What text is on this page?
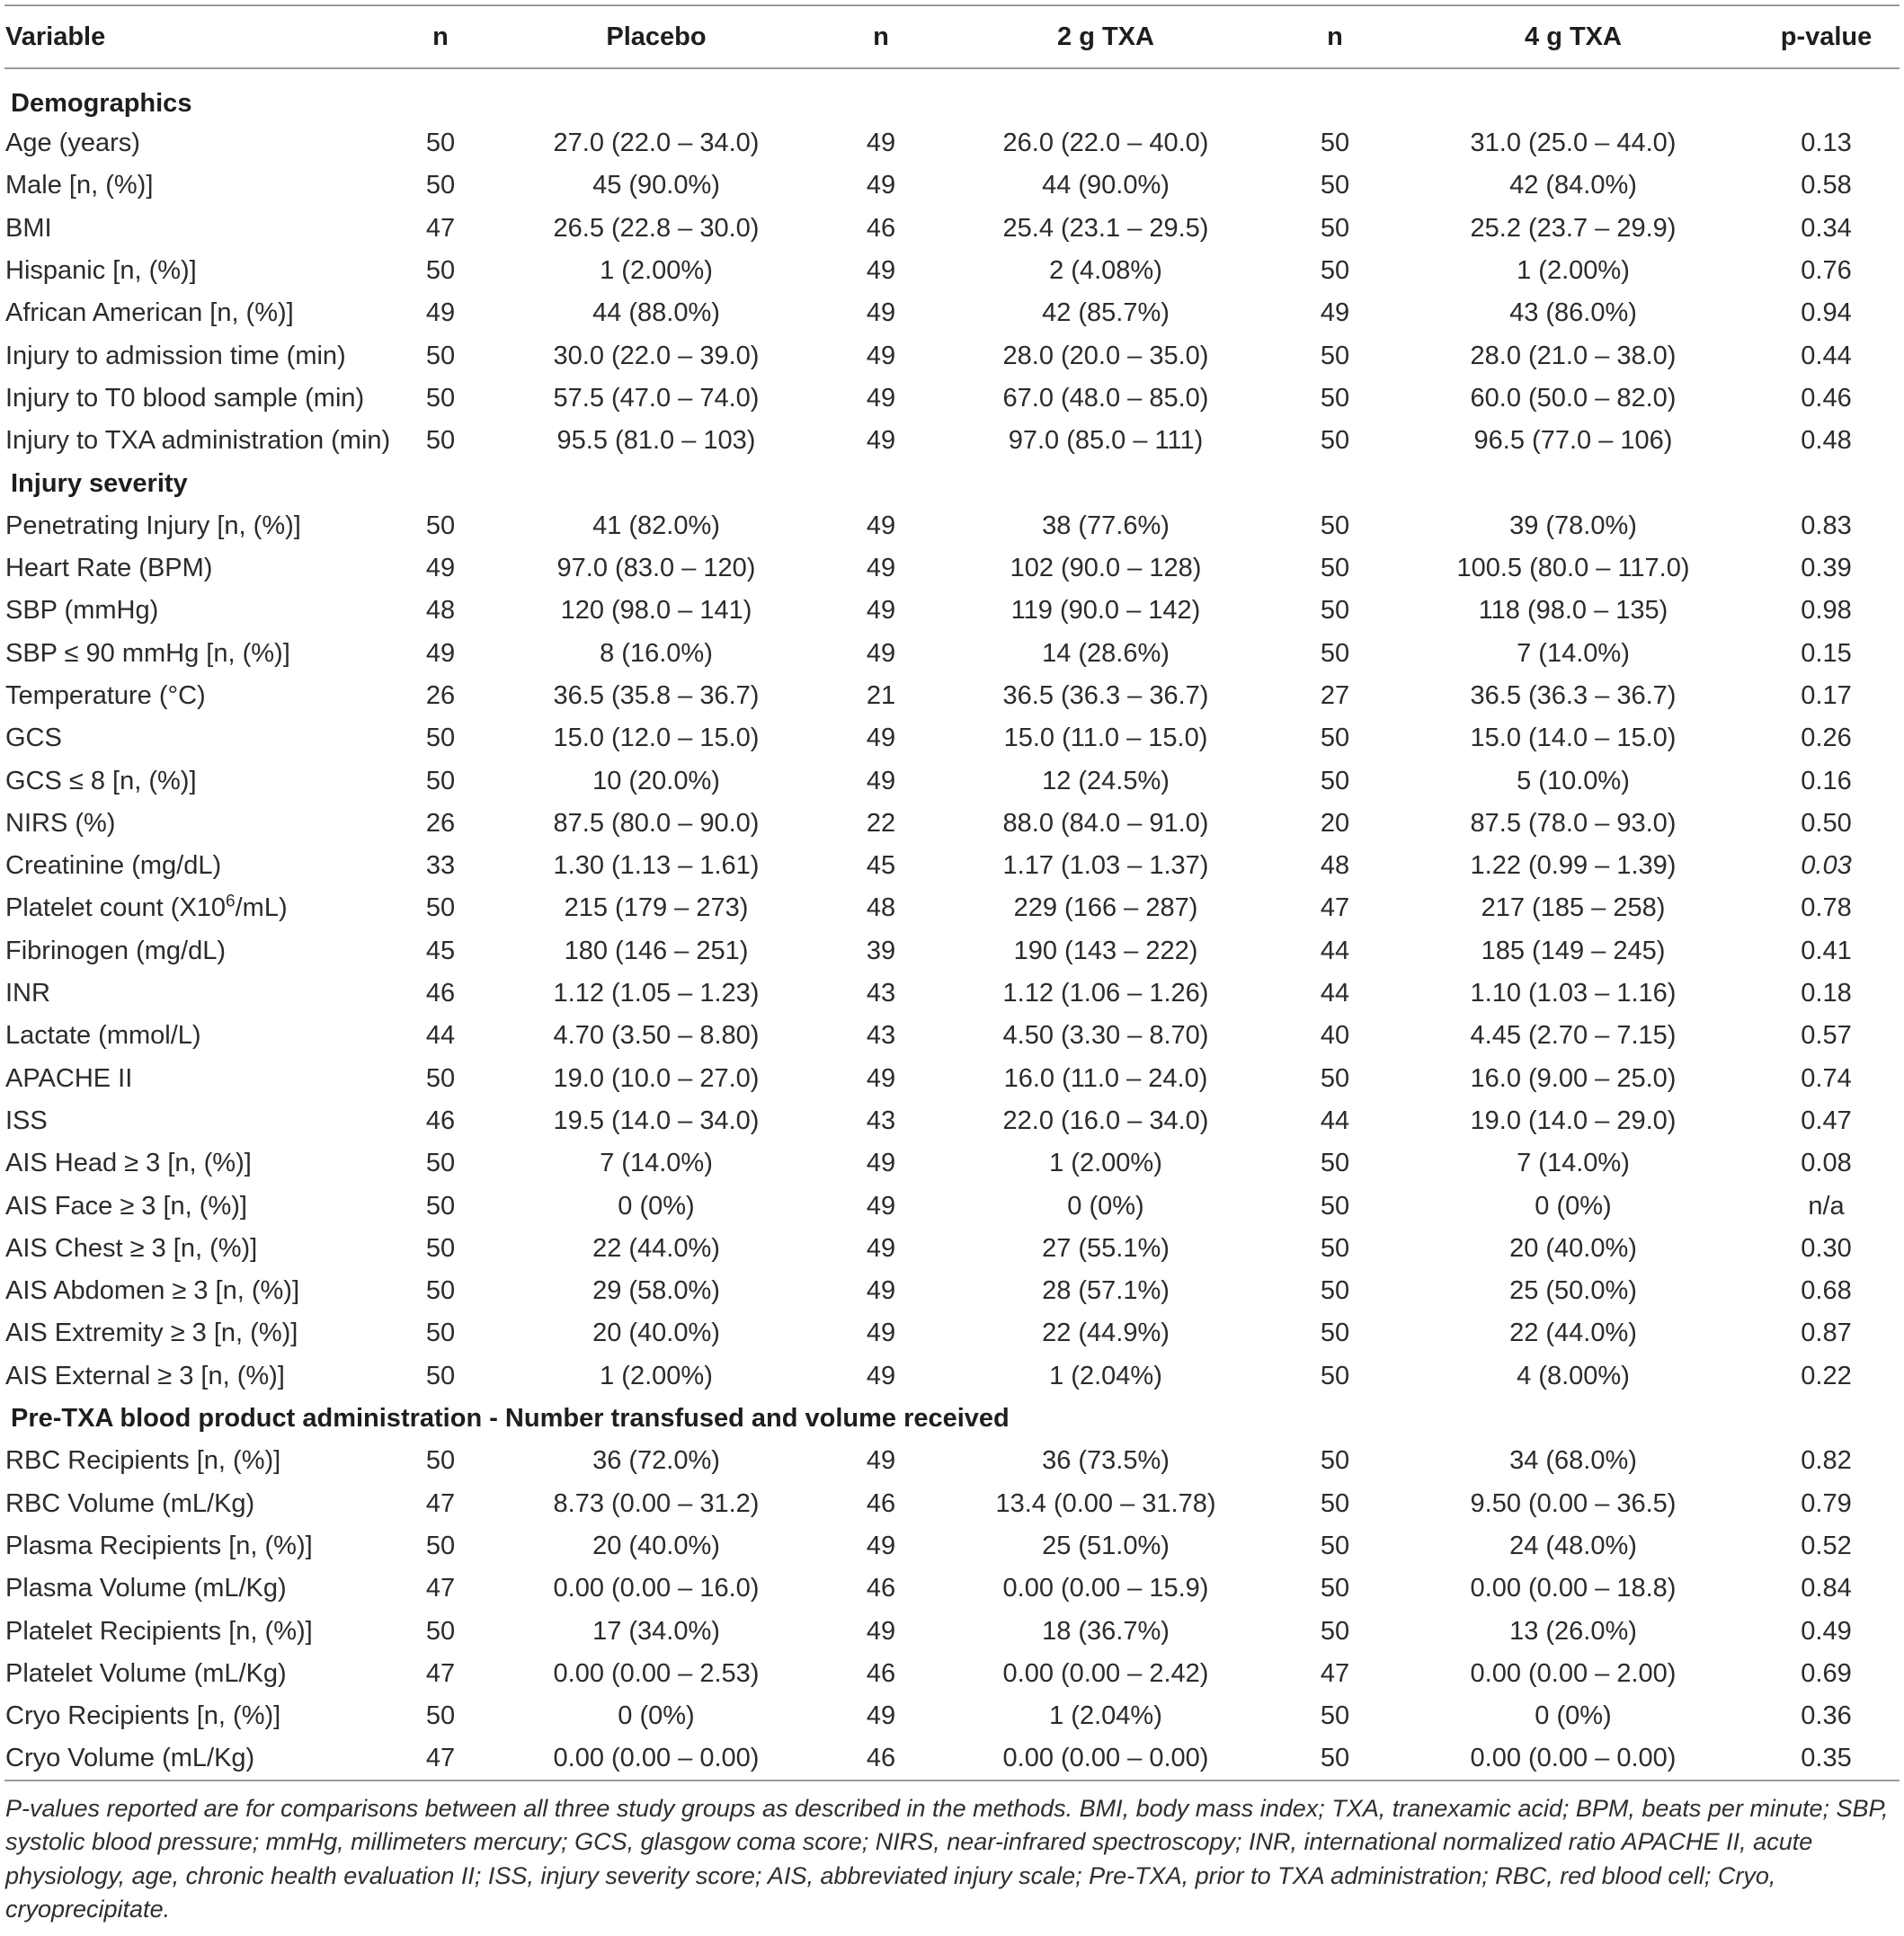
Variable	n	Placebo	n	2 g TXA	n	4 g TXA	p-value
Demographics							
Age (years)	50	27.0 (22.0 – 34.0)	49	26.0 (22.0 – 40.0)	50	31.0 (25.0 – 44.0)	0.13
Male [n, (%)]	50	45 (90.0%)	49	44 (90.0%)	50	42 (84.0%)	0.58
BMI	47	26.5 (22.8 – 30.0)	46	25.4 (23.1 – 29.5)	50	25.2 (23.7 – 29.9)	0.34
Hispanic [n, (%)]	50	1 (2.00%)	49	2 (4.08%)	50	1 (2.00%)	0.76
African American [n, (%)]	49	44 (88.0%)	49	42 (85.7%)	49	43 (86.0%)	0.94
Injury to admission time (min)	50	30.0 (22.0 – 39.0)	49	28.0 (20.0 – 35.0)	50	28.0 (21.0 – 38.0)	0.44
Injury to T0 blood sample (min)	50	57.5 (47.0 – 74.0)	49	67.0 (48.0 – 85.0)	50	60.0 (50.0 – 82.0)	0.46
Injury to TXA administration (min)	50	95.5 (81.0 – 103)	49	97.0 (85.0 – 111)	50	96.5 (77.0 – 106)	0.48
Injury severity							
Penetrating Injury [n, (%)]	50	41 (82.0%)	49	38 (77.6%)	50	39 (78.0%)	0.83
Heart Rate (BPM)	49	97.0 (83.0 – 120)	49	102 (90.0 – 128)	50	100.5 (80.0 – 117.0)	0.39
SBP (mmHg)	48	120 (98.0 – 141)	49	119 (90.0 – 142)	50	118 (98.0 – 135)	0.98
SBP ≤ 90 mmHg [n, (%)]	49	8 (16.0%)	49	14 (28.6%)	50	7 (14.0%)	0.15
Temperature (°C)	26	36.5 (35.8 – 36.7)	21	36.5 (36.3 – 36.7)	27	36.5 (36.3 – 36.7)	0.17
GCS	50	15.0 (12.0 – 15.0)	49	15.0 (11.0 – 15.0)	50	15.0 (14.0 – 15.0)	0.26
GCS ≤ 8 [n, (%)]	50	10 (20.0%)	49	12 (24.5%)	50	5 (10.0%)	0.16
NIRS (%)	26	87.5 (80.0 – 90.0)	22	88.0 (84.0 – 91.0)	20	87.5 (78.0 – 93.0)	0.50
Creatinine (mg/dL)	33	1.30 (1.13 – 1.61)	45	1.17 (1.03 – 1.37)	48	1.22 (0.99 – 1.39)	0.03
Platelet count $(X10^6/mL)$	50	215 (179 – 273)	48	229 (166 – 287)	47	217 (185 – 258)	0.78
Fibrinogen (mg/dL)	45	180 (146 – 251)	39	190 (143 – 222)	44	185 (149 – 245)	0.41
INR	46	1.12 (1.05 – 1.23)	43	1.12 (1.06 – 1.26)	44	1.10 (1.03 – 1.16)	0.18
Lactate (mmol/L)	44	4.70 (3.50 – 8.80)	43	4.50 (3.30 – 8.70)	40	4.45 (2.70 – 7.15)	0.57
APACHE II	50	19.0 (10.0 – 27.0)	49	16.0 (11.0 – 24.0)	50	16.0 (9.00 – 25.0)	0.74
ISS	46	19.5 (14.0 – 34.0)	43	22.0 (16.0 – 34.0)	44	19.0 (14.0 – 29.0)	0.47
AIS Head ≥ 3 [n, (%)]	50	7 (14.0%)	49	1 (2.00%)	50	7 (14.0%)	0.08
AIS Face ≥ 3 [n, (%)]	50	0 (0%)	49	0 (0%)	50	0 (0%)	n/a
AIS Chest ≥ 3 [n, (%)]	50	22 (44.0%)	49	27 (55.1%)	50	20 (40.0%)	0.30
AIS Abdomen ≥ 3 [n, (%)]	50	29 (58.0%)	49	28 (57.1%)	50	25 (50.0%)	0.68
AIS Extremity ≥ 3 [n, (%)]	50	20 (40.0%)	49	22 (44.9%)	50	22 (44.0%)	0.87
AIS External ≥ 3 [n, (%)]	50	1 (2.00%)	49	1 (2.04%)	50	4 (8.00%)	0.22
Pre-TXA blood product administration - Number transfused and volume received							
RBC Recipients [n, (%)]	50	36 (72.0%)	49	36 (73.5%)	50	34 (68.0%)	0.82
RBC Volume (mL/Kg)	47	8.73 (0.00 – 31.2)	46	13.4 (0.00 – 31.78)	50	9.50 (0.00 – 36.5)	0.79
Plasma Recipients [n, (%)]	50	20 (40.0%)	49	25 (51.0%)	50	24 (48.0%)	0.52
Plasma Volume (mL/Kg)	47	0.00 (0.00 – 16.0)	46	0.00 (0.00 – 15.9)	50	0.00 (0.00 – 18.8)	0.84
Platelet Recipients [n, (%)]	50	17 (34.0%)	49	18 (36.7%)	50	13 (26.0%)	0.49
Platelet Volume (mL/Kg)	47	0.00 (0.00 – 2.53)	46	0.00 (0.00 – 2.42)	47	0.00 (0.00 – 2.00)	0.69
Cryo Recipients [n, (%)]	50	0 (0%)	49	1 (2.04%)	50	0 (0%)	0.36
Cryo Volume (mL/Kg)	47	0.00 (0.00 – 0.00)	46	0.00 (0.00 – 0.00)	50	0.00 (0.00 – 0.00)	0.35
P-values reported are for comparisons between all three study groups as described in the methods. BMI, body mass index; TXA, tranexamic acid; BPM, beats per minute; SBP, systolic blood pressure; mmHg, millimeters mercury; GCS, glasgow coma score; NIRS, near-infrared spectroscopy; INR, international normalized ratio APACHE II, acute physiology, age, chronic health evaluation II; ISS, injury severity score; AIS, abbreviated injury scale; Pre-TXA, prior to TXA administration; RBC, red blood cell; Cryo, cryoprecipitate.
